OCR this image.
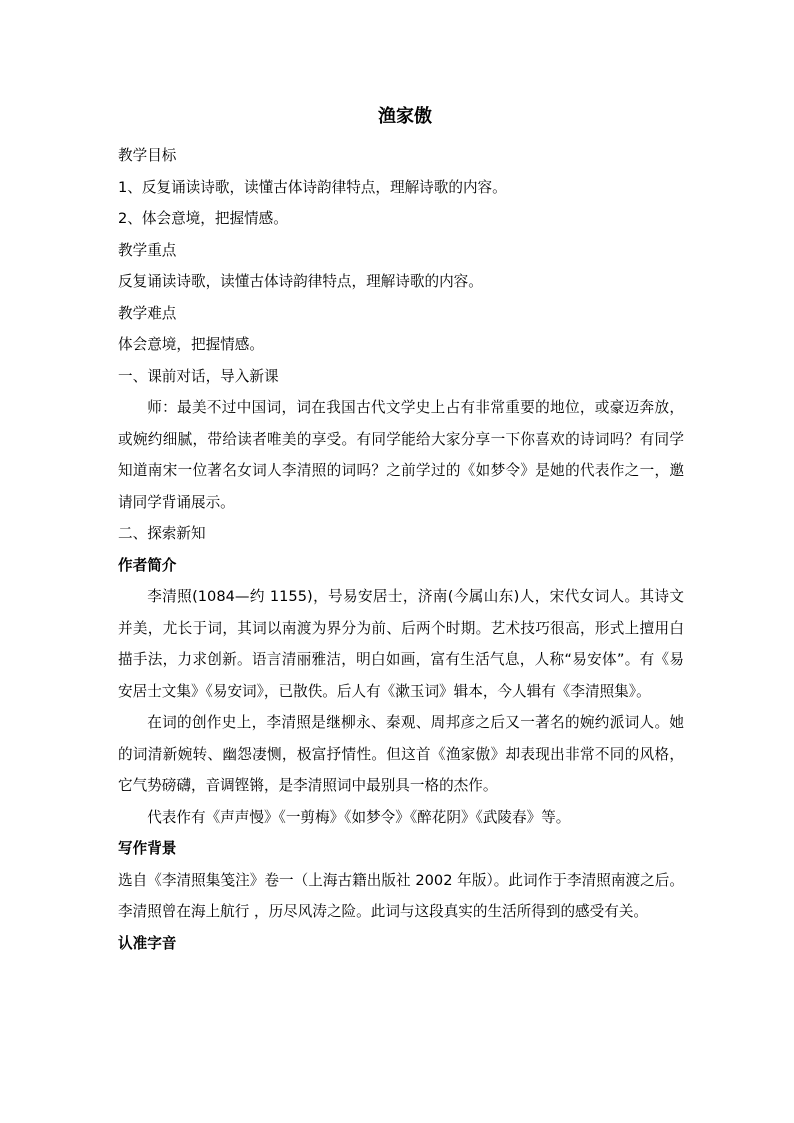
渔家傲
教学目标
1、反复诵读诗歌，读懂古体诗韵律特点，理解诗歌的内容。
2、体会意境，把握情感。
教学重点
反复诵读诗歌，读懂古体诗韵律特点，理解诗歌的内容。
教学难点
体会意境，把握情感。
一、课前对话，导入新课
师：最美不过中国词，词在我国古代文学史上占有非常重要的地位，或豪迈奔放，或婉约细腻，带给读者唯美的享受。有同学能给大家分享一下你喜欢的诗词吗？有同学知道南宋一位著名女词人李清照的词吗？之前学过的《如梦令》是她的代表作之一，邀请同学背诵展示。
二、探索新知
作者简介
李清照(1084—约 1155)，号易安居士，济南(今属山东)人，宋代女词人。其诗文并美，尤长于词，其词以南渡为界分为前、后两个时期。艺术技巧很高，形式上擅用白描手法，力求创新。语言清丽雅洁，明白如画，富有生活气息，人称“易安体”。有《易安居士文集》《易安词》，已散佚。后人有《漱玉词》辑本，今人辑有《李清照集》。
在词的创作史上，李清照是继柳永、秦观、周邦彦之后又一著名的婉约派词人。她的词清新婉转、幽怨凄恻，极富抒情性。但这首《渔家傲》却表现出非常不同的风格，它气势磅礴，音调铿锵，是李清照词中最别具一格的杰作。
代表作有《声声慢》《一剪梅》《如梦令》《醉花阴》《武陵春》等。
写作背景
选自《李清照集笺注》卷一（上海古籍出版社 2002 年版）。此词作于李清照南渡之后。李清照曾在海上航行 ，历尽风涛之险。此词与这段真实的生活所得到的感受有关。
认准字音
